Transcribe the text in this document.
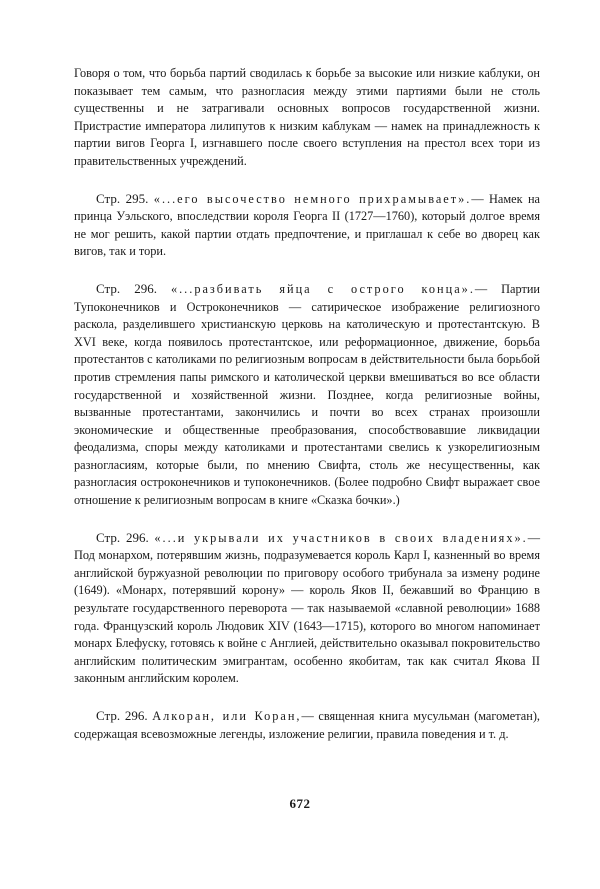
Говоря о том, что борьба партий сводилась к борьбе за высокие или низкие каблуки, он показывает тем самым, что разногласия между этими партиями были не столь существенны и не затрагивали основных вопросов государственной жизни. Пристрастие императора лилипутов к низким каблукам — намек на принадлежность к партии вигов Георга I, изгнавшего после своего вступления на престол всех тори из правительственных учреждений.

Стр. 295. «...его высочество немного прихрамывает».— Намек на принца Уэльского, впоследствии короля Георга II (1727—1760), который долгое время не мог решить, какой партии отдать предпочтение, и приглашал к себе во дворец как вигов, так и тори.

Стр. 296. «...разбивать яйца с острого конца».— Партии Тупоконечников и Остроконечников — сатирическое изображение религиозного раскола, разделившего христианскую церковь на католическую и протестантскую. В XVI веке, когда появилось протестантское, или реформационное, движение, борьба протестантов с католиками по религиозным вопросам в действительности была борьбой против стремления папы римского и католической церкви вмешиваться во все области государственной и хозяйственной жизни. Позднее, когда религиозные войны, вызванные протестантами, закончились и почти во всех странах произошли экономические и общественные преобразования, способствовавшие ликвидации феодализма, споры между католиками и протестантами свелись к узкорелигиозным разногласиям, которые были, по мнению Свифта, столь же несущественны, как разногласия остроконечников и тупоконечников. (Более подробно Свифт выражает свое отношение к религиозным вопросам в книге «Сказка бочки».)

Стр. 296. «...и укрывали их участников в своих владениях».— Под монархом, потерявшим жизнь, подразумевается король Карл I, казненный во время английской буржуазной революции по приговору особого трибунала за измену родине (1649). «Монарх, потерявший корону» — король Яков II, бежавший во Францию в результате государственного переворота — так называемой «славной революции» 1688 года. Французский король Людовик XIV (1643—1715), которого во многом напоминает монарх Блефуску, готовясь к войне с Англией, действительно оказывал покровительство английским политическим эмигрантам, особенно якобитам, так как считал Якова II законным английским королем.

Стр. 296. Алкоран, или Коран,— священная книга мусульман (магометан), содержащая всевозможные легенды, изложение религии, правила поведения и т. д.

672
